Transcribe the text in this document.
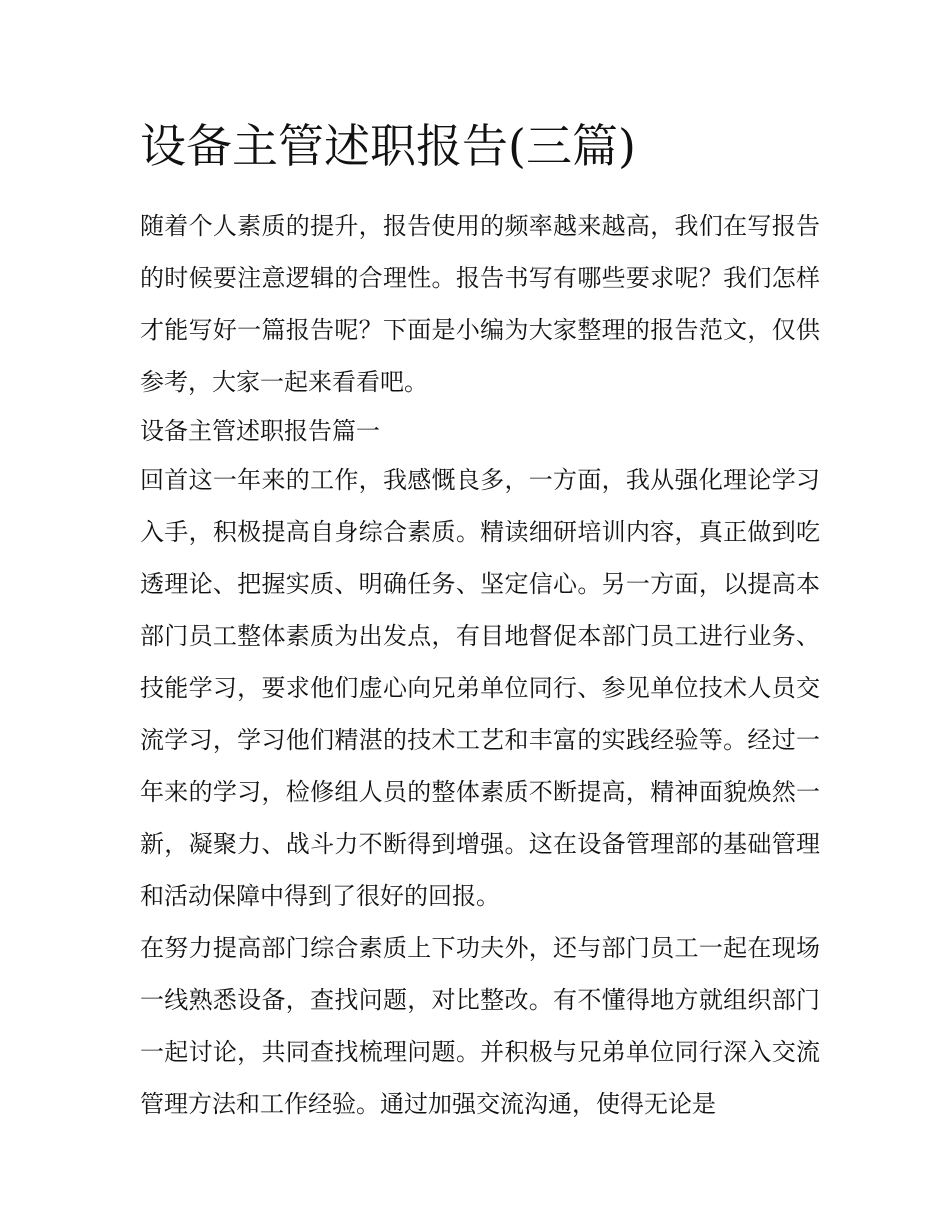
设备主管述职报告(三篇)

随着个人素质的提升，报告使用的频率越来越高，我们在写报告的时候要注意逻辑的合理性。报告书写有哪些要求呢？我们怎样才能写好一篇报告呢？下面是小编为大家整理的报告范文，仅供参考，大家一起来看看吧。

设备主管述职报告篇一

回首这一年来的工作，我感慨良多，一方面，我从强化理论学习入手，积极提高自身综合素质。精读细研培训内容，真正做到吃透理论、把握实质、明确任务、坚定信心。另一方面，以提高本部门员工整体素质为出发点，有目地督促本部门员工进行业务、技能学习，要求他们虚心向兄弟单位同行、参见单位技术人员交流学习，学习他们精湛的技术工艺和丰富的实践经验等。经过一年来的学习，检修组人员的整体素质不断提高，精神面貌焕然一新，凝聚力、战斗力不断得到增强。这在设备管理部的基础管理和活动保障中得到了很好的回报。

在努力提高部门综合素质上下功夫外，还与部门员工一起在现场一线熟悉设备，查找问题，对比整改。有不懂得地方就组织部门一起讨论，共同查找梳理问题。并积极与兄弟单位同行深入交流管理方法和工作经验。通过加强交流沟通，使得无论是
